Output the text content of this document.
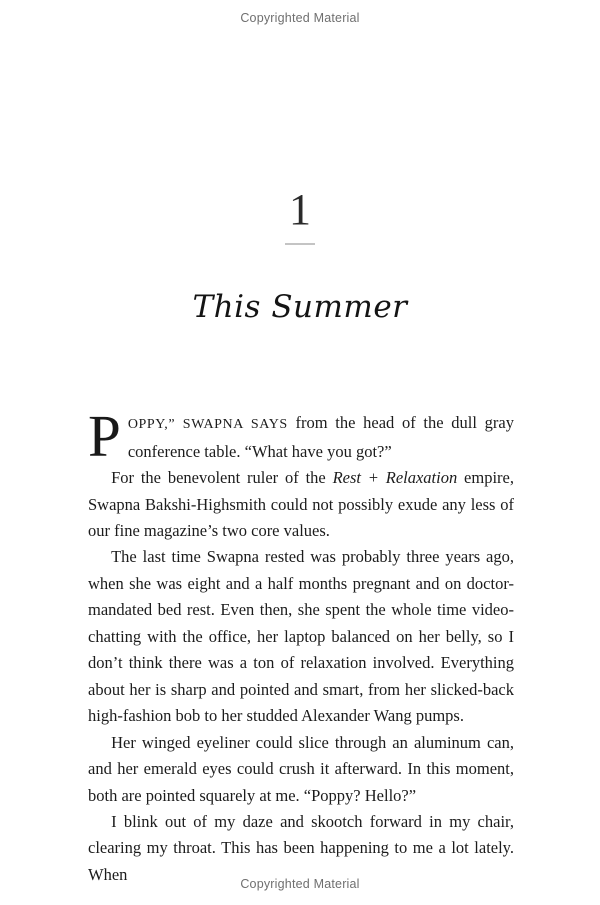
Copyrighted Material
1
This Summer

POPPY,” SWAPNA SAYS from the head of the dull gray conference table. “What have you got?”

For the benevolent ruler of the Rest + Relaxation empire, Swapna Bakshi-Highsmith could not possibly exude any less of our fine magazine’s two core values.

The last time Swapna rested was probably three years ago, when she was eight and a half months pregnant and on doctor-mandated bed rest. Even then, she spent the whole time video-chatting with the office, her laptop balanced on her belly, so I don’t think there was a ton of relaxation involved. Everything about her is sharp and pointed and smart, from her slicked-back high-fashion bob to her studded Alexander Wang pumps.

Her winged eyeliner could slice through an aluminum can, and her emerald eyes could crush it afterward. In this moment, both are pointed squarely at me. “Poppy? Hello?”

I blink out of my daze and skootch forward in my chair, clearing my throat. This has been happening to me a lot lately. When

Copyrighted Material
